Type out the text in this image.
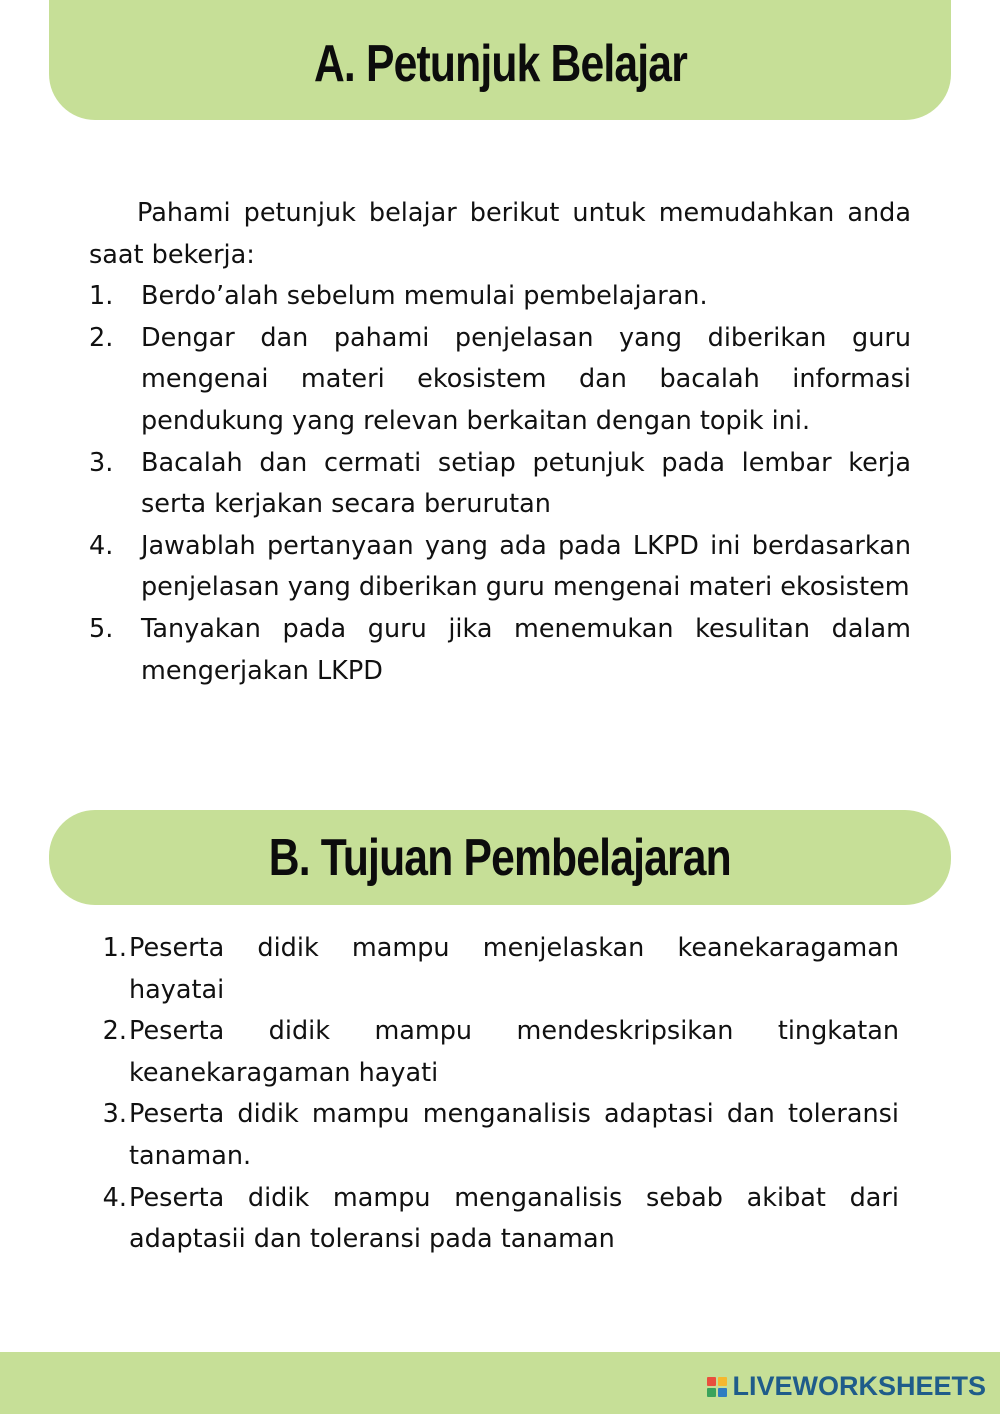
A. Petunjuk Belajar

Pahami petunjuk belajar berikut untuk memudahkan anda saat bekerja:

1.	Berdo’alah sebelum memulai pembelajaran.
2.	Dengar dan pahami penjelasan yang diberikan guru mengenai materi ekosistem dan bacalah informasi pendukung yang relevan berkaitan dengan topik ini.
3.	Bacalah dan cermati setiap petunjuk pada lembar kerja serta kerjakan secara berurutan
4.	Jawablah pertanyaan yang ada pada LKPD ini berdasarkan penjelasan yang diberikan guru mengenai materi ekosistem
5.	Tanyakan pada guru jika menemukan kesulitan dalam mengerjakan LKPD
B. Tujuan Pembelajaran
1. Peserta didik mampu menjelaskan keanekaragaman hayatai
2. Peserta didik mampu mendeskripsikan tingkatan keanekaragaman hayati
3. Peserta didik mampu menganalisis adaptasi dan toleransi tanaman.
4. Peserta didik mampu menganalisis sebab akibat dari adaptasii dan toleransi pada tanaman
LIVEWORKSHEETS
